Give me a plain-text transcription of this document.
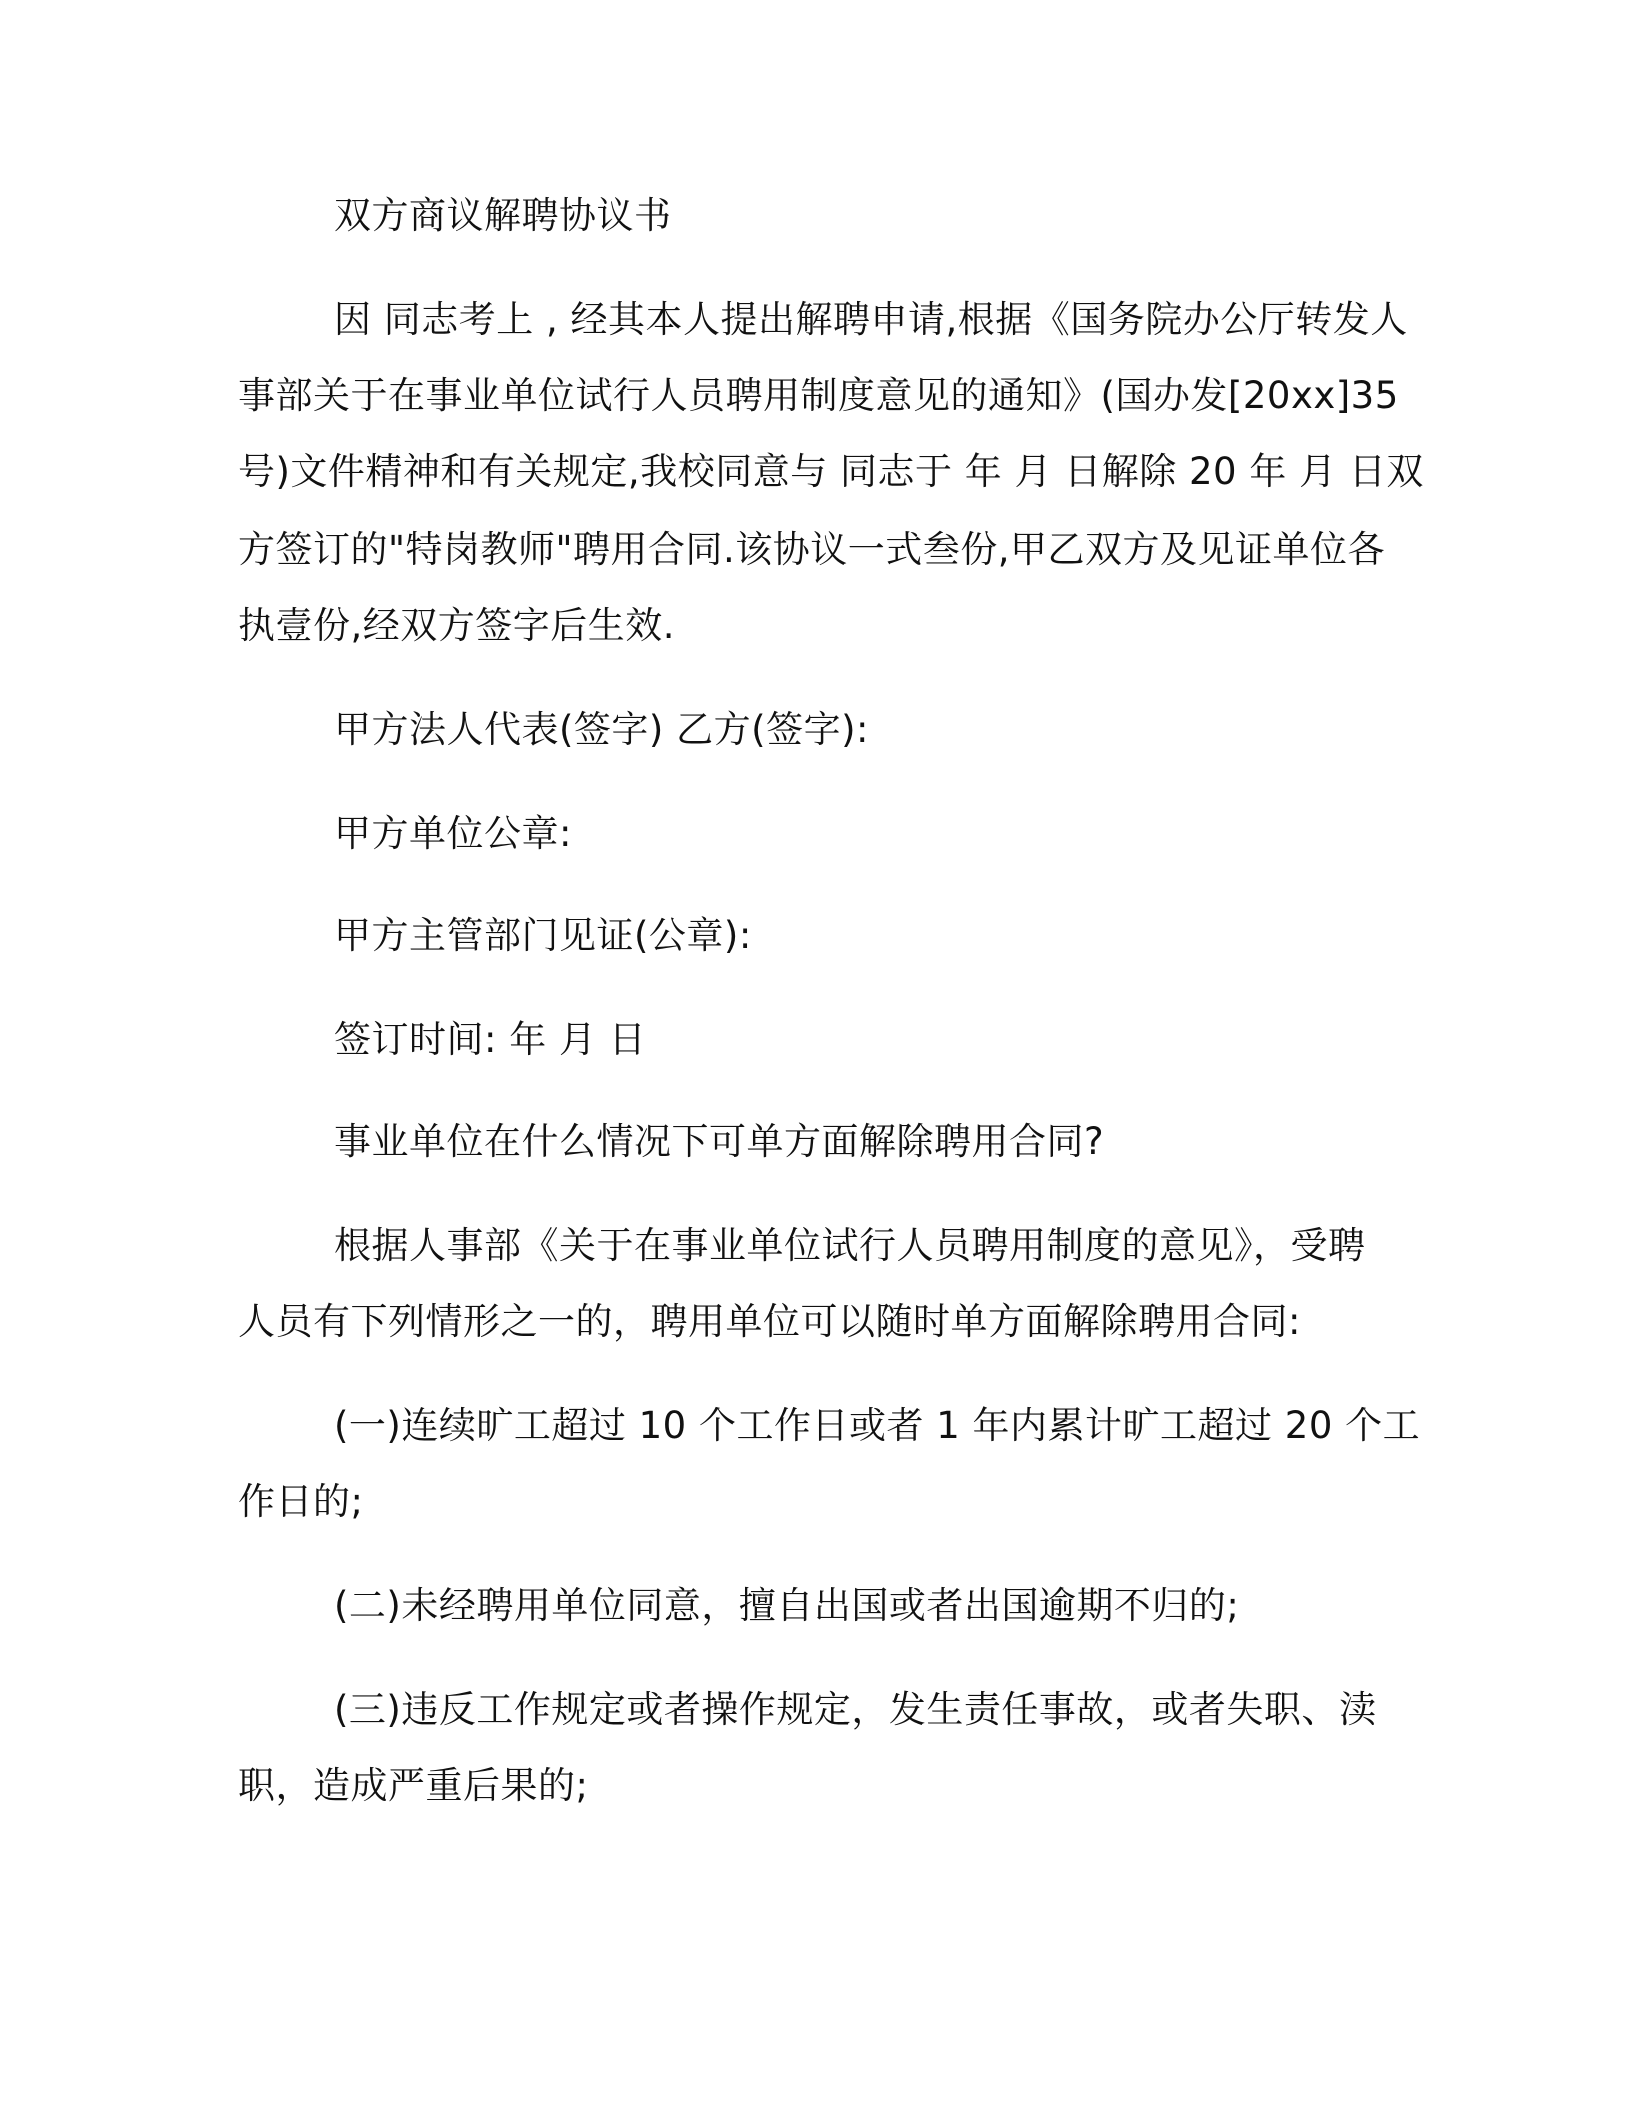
双方商议解聘协议书
因 同志考上 , 经其本人提出解聘申请,根据《国务院办公厅转发人
事部关于在事业单位试行人员聘用制度意见的通知》(国办发[20xx]35
号)文件精神和有关规定,我校同意与 同志于 年 月 日解除 20 年 月 日双
方签订的"特岗教师"聘用合同.该协议一式叁份,甲乙双方及见证单位各
执壹份,经双方签字后生效.
甲方法人代表(签字) 乙方(签字):
甲方单位公章:
甲方主管部门见证(公章):
签订时间: 年 月 日
事业单位在什么情况下可单方面解除聘用合同?
根据人事部《关于在事业单位试行人员聘用制度的意见》，受聘
人员有下列情形之一的，聘用单位可以随时单方面解除聘用合同:
(一)连续旷工超过 10 个工作日或者 1 年内累计旷工超过 20 个工
作日的;
(二)未经聘用单位同意，擅自出国或者出国逾期不归的;
(三)违反工作规定或者操作规定，发生责任事故，或者失职、渎
职，造成严重后果的;
